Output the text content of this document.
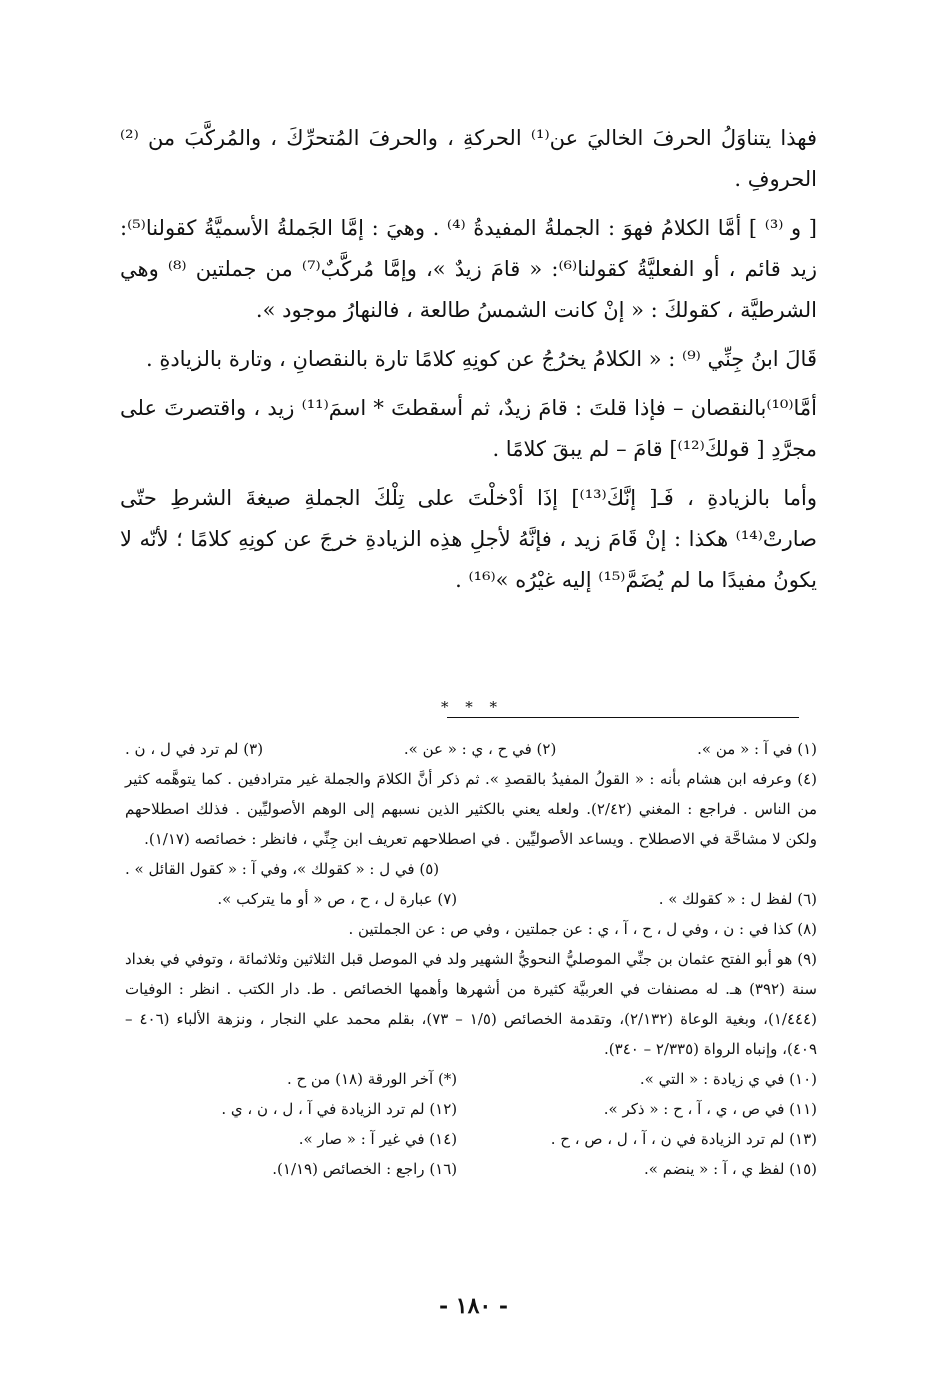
فهذا يتناوَلُ الحرفَ الخاليَ عن⁽¹⁾ الحركةِ ، والحرفَ المُتحرِّكَ ، والمُركَّبَ من ⁽²⁾ الحروفِ .

[ و ⁽³⁾ ] أمَّا الكلامُ فهوَ : الجملةُ المفيدةُ ⁽⁴⁾ . وهيَ : إمَّا الجَملةُ الأسميَّةُ كقولنا⁽⁵⁾: زيد قائم ، أو الفعليَّةُ كقولنا⁽⁶⁾: « قامَ زيدٌ »، وإمَّا مُركَّبٌ⁽⁷⁾ من جملتين ⁽⁸⁾ وهي الشرطيَّة ، كقولكَ : « إنْ كانت الشمسُ طالعة ، فالنهارُ موجود ».

قَالَ ابنُ جِنِّي ⁽⁹⁾ : « الكلامُ يخرُجُ عن كونِهِ كلامًا تارة بالنقصانِ ، وتارة بالزيادةِ .

أمَّا⁽¹⁰⁾بالنقصان – فإذا قلتَ : قامَ زيدٌ، ثم أسقطتَ * اسمَ⁽¹¹⁾ زيد ، واقتصرتَ على مجرَّدِ [ قولكَ⁽¹²⁾] قامَ – لم يبقَ كلامًا .

وأما بالزيادةِ ، فَـ[ إنَّكَ⁽¹³⁾] إذَا أدْخلْتَ على تِلْكَ الجملةِ صيغةَ الشرطِ حتّى صارتْ⁽¹⁴⁾ هكذا : إنْ قَامَ زيد ، فإنَّهُ لأجلِ هذِه الزيادةِ خرجَ عن كونِهِ كلامًا ؛ لأنّه لا يكونُ مفيدًا ما لم يُضَمَّ⁽¹⁵⁾ إليه غيْرُه »⁽¹⁶⁾ .

* * *
(١) في آ : « من ».
(٢) في ح ، ي : « عن ».
(٣) لم ترد في ل ، ن .

(٤) وعرفه ابن هشام بأنه : « القولُ المفيدُ بالقصدِ ». ثم ذكر أنَّ الكلامَ والجملة غير مترادفين . كما يتوهَّمه كثير من الناس . فراجع : المغني (٢/٤٢). ولعله يعني بالكثير الذين نسبهم إلى الوهم الأصوليِّين . فذلك اصطلاحهم ولكن لا مشاحَّة في الاصطلاح . ويساعد الأصوليِّين . في اصطلاحهم تعريف ابن جِنِّي ، فانظر : خصائصه (١/١٧).

(٥) في ل : « كقولك »، وفي آ : « كقول القائل » .
(٦) لفظ ل : « كقولك » .
(٧) عبارة ل ، ح ، ص « أو ما يتركب ».

(٨) كذا في : ن ، وفي ل ، ح ، آ ، ي : عن جملتين ، وفي ص : عن الجملتين .

(٩) هو أبو الفتح عثمان بن جنِّي الموصليُّ النحويُّ الشهير ولد في الموصل قبل الثلاثين وثلاثمائة ، وتوفي في بغداد سنة (٣٩٢) هـ. له مصنفات في العربيَّة كثيرة من أشهرها وأهمها الخصائص . ط. دار الكتب . انظر : الوفيات (١/٤٤٤)، وبغية الوعاة (٢/١٣٢)، وتقدمة الخصائص (١/٥ – ٧٣)، بقلم محمد علي النجار ، ونزهة الألباء (٤٠٦ – ٤٠٩)، وإنباه الرواة (٢/٣٣٥ – ٣٤٠).

(١٠) في ي زيادة : « التي ».
(*) آخر الورقة (١٨) من ح .
(١١) في ص ، ي ، آ ، ح : « ذكر ».
(١٢) لم ترد الزيادة في آ ، ل ، ن ، ي .
(١٣) لم ترد الزيادة في ن ، آ ، ل ، ص ، ح .
(١٤) في غير آ : « صار ».
(١٥) لفظ ي ، آ : « ينضم ».
(١٦) راجع : الخصائص (١/١٩).
- ١٨٠ -
